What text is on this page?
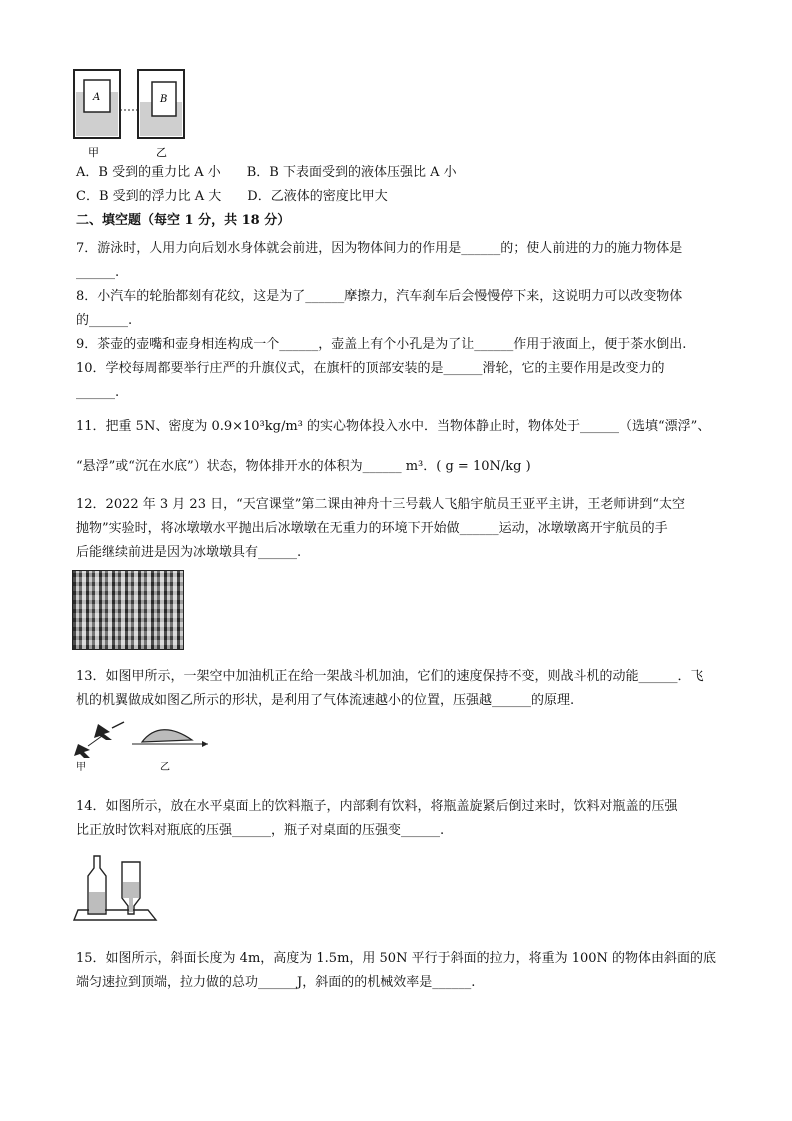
A	B
甲	乙
A．B 受到的重力比 A 小　　B．B 下表面受到的液体压强比 A 小
C．B 受到的浮力比 A 大　　D．乙液体的密度比甲大
二、填空题（每空 1 分，共 18 分）
7．游泳时，人用力向后划水身体就会前进，因为物体间力的作用是______的；使人前进的力的施力物体是
______.
8．小汽车的轮胎都刻有花纹，这是为了______摩擦力，汽车刹车后会慢慢停下来，这说明力可以改变物体
的______.
9．茶壶的壶嘴和壶身相连构成一个______，壶盖上有个小孔是为了让______作用于液面上，便于茶水倒出.
10．学校每周都要举行庄严的升旗仪式，在旗杆的顶部安装的是______滑轮，它的主要作用是改变力的
______.
11．把重 5N、密度为 0.9×10³kg/m³ 的实心物体投入水中．当物体静止时，物体处于______（选填“漂浮”、
“悬浮”或“沉在水底”）状态，物体排开水的体积为______ m³．( g = 10N/kg )
12．2022 年 3 月 23 日，“天宫课堂”第二课由神舟十三号载人飞船宇航员王亚平主讲，王老师讲到“太空
抛物”实验时，将冰墩墩水平抛出后冰墩墩在无重力的环境下开始做______运动，冰墩墩离开宇航员的手
后能继续前进是因为冰墩墩具有______.
13．如图甲所示，一架空中加油机正在给一架战斗机加油，它们的速度保持不变，则战斗机的动能______．飞
机的机翼做成如图乙所示的形状，是利用了气体流速越小的位置，压强越______的原理.
甲	乙
14．如图所示，放在水平桌面上的饮料瓶子，内部剩有饮料，将瓶盖旋紧后倒过来时，饮料对瓶盖的压强
比正放时饮料对瓶底的压强______，瓶子对桌面的压强变______.
15．如图所示，斜面长度为 4m，高度为 1.5m，用 50N 平行于斜面的拉力，将重为 100N 的物体由斜面的底
端匀速拉到顶端，拉力做的总功______J，斜面的的机械效率是______.
